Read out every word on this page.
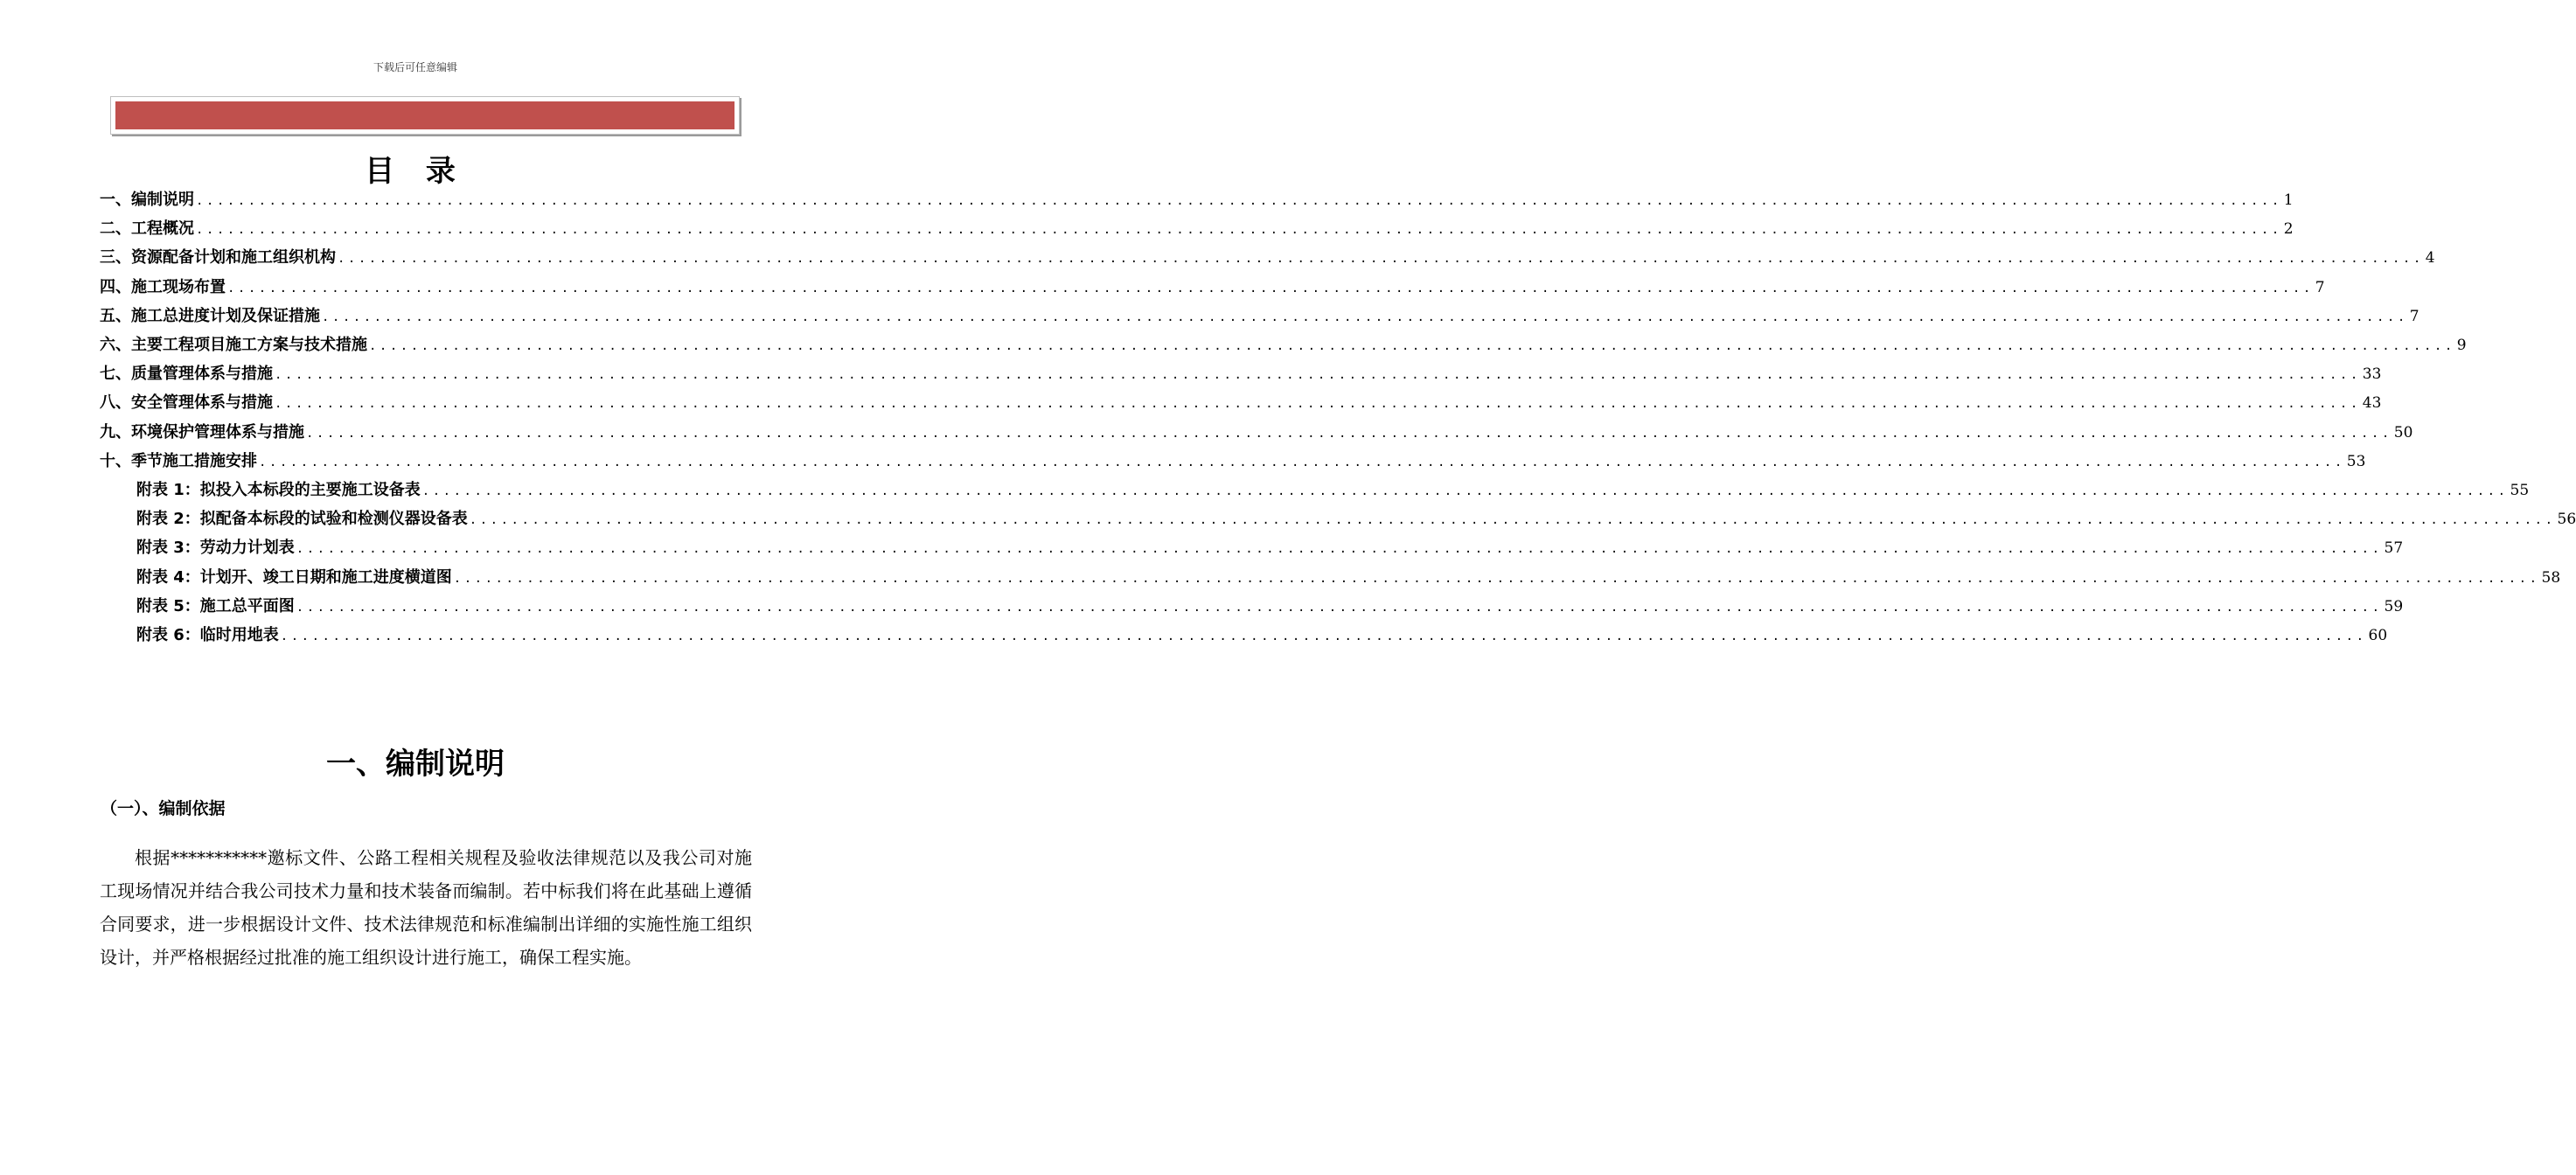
下载后可任意编辑
目 录
一、编制说明 ........................................................................................................................................................................................................ 1
二、工程概况 ........................................................................................................................................................................................................ 2
三、资源配备计划和施工组织机构 ........................................................................................................................................................................................................ 4
四、施工现场布置 ........................................................................................................................................................................................................ 7
五、施工总进度计划及保证措施 ........................................................................................................................................................................................................ 7
六、主要工程项目施工方案与技术措施 ........................................................................................................................................................................................................ 9
七、质量管理体系与措施 ........................................................................................................................................................................................................ 33
八、安全管理体系与措施 ........................................................................................................................................................................................................ 43
九、环境保护管理体系与措施 ........................................................................................................................................................................................................ 50
十、季节施工措施安排 ........................................................................................................................................................................................................ 53
附表 1：拟投入本标段的主要施工设备表 ........................................................................................................................................................................................................ 55
附表 2：拟配备本标段的试验和检测仪器设备表 ........................................................................................................................................................................................................ 56
附表 3：劳动力计划表 ........................................................................................................................................................................................................ 57
附表 4：计划开、竣工日期和施工进度横道图 ........................................................................................................................................................................................................ 58
附表 5：施工总平面图 ........................................................................................................................................................................................................ 59
附表 6：临时用地表 ........................................................................................................................................................................................................ 60
一、编制说明
（一）、编制依据
根据***********邀标文件、公路工程相关规程及验收法律规范以及我公司对施工现场情况并结合我公司技术力量和技术装备而编制。若中标我们将在此基础上遵循合同要求，进一步根据设计文件、技术法律规范和标准编制出详细的实施性施工组织设计，并严格根据经过批准的施工组织设计进行施工，确保工程实施。
